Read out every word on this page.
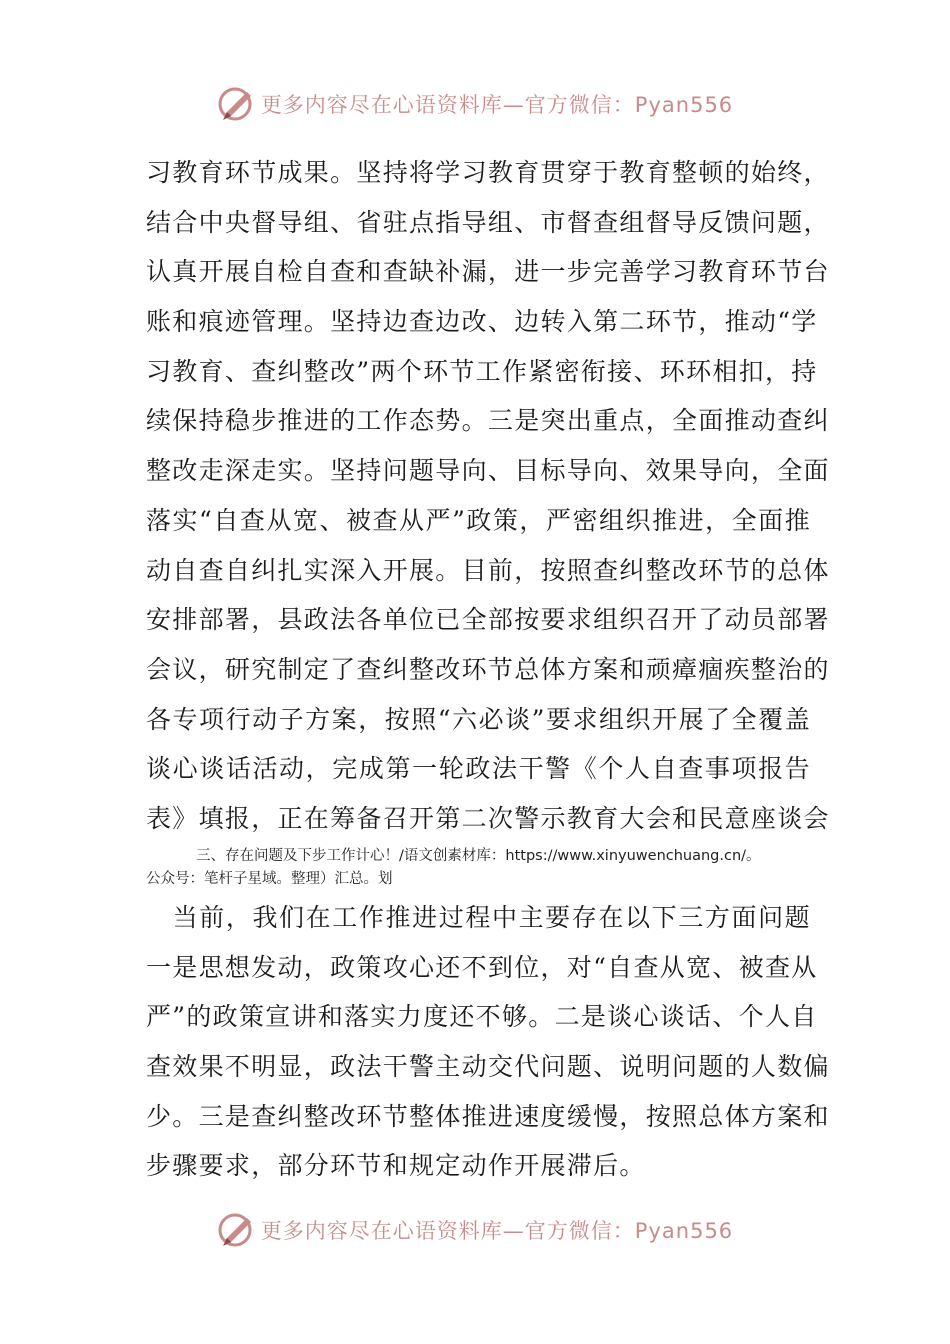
更多内容尽在心语资料库—官方微信：Pyan556
习教育环节成果。坚持将学习教育贯穿于教育整顿的始终，
结合中央督导组、省驻点指导组、市督查组督导反馈问题，
认真开展自检自查和查缺补漏，进一步完善学习教育环节台
账和痕迹管理。坚持边查边改、边转入第二环节，推动“学
习教育、查纠整改”两个环节工作紧密衔接、环环相扣，持
续保持稳步推进的工作态势。三是突出重点，全面推动查纠
整改走深走实。坚持问题导向、目标导向、效果导向，全面
落实“自查从宽、被查从严”政策，严密组织推进，全面推
动自查自纠扎实深入开展。目前，按照查纠整改环节的总体
安排部署，县政法各单位已全部按要求组织召开了动员部署
会议，研究制定了查纠整改环节总体方案和顽瘴痼疾整治的
各专项行动子方案，按照“六必谈”要求组织开展了全覆盖
谈心谈话活动，完成第一轮政法干警《个人自查事项报告
表》填报，正在筹备召开第二次警示教育大会和民意座谈会
三、存在问题及下步工作计心！/语文创素材库：https://www.xinyuwenchuang.cn/。
公众号：笔杆子星域。整理）汇总。划
　当前，我们在工作推进过程中主要存在以下三方面问题
一是思想发动，政策攻心还不到位，对“自查从宽、被查从
严”的政策宣讲和落实力度还不够。二是谈心谈话、个人自
查效果不明显，政法干警主动交代问题、说明问题的人数偏
少。三是查纠整改环节整体推进速度缓慢，按照总体方案和
步骤要求，部分环节和规定动作开展滞后。
更多内容尽在心语资料库—官方微信：Pyan556
